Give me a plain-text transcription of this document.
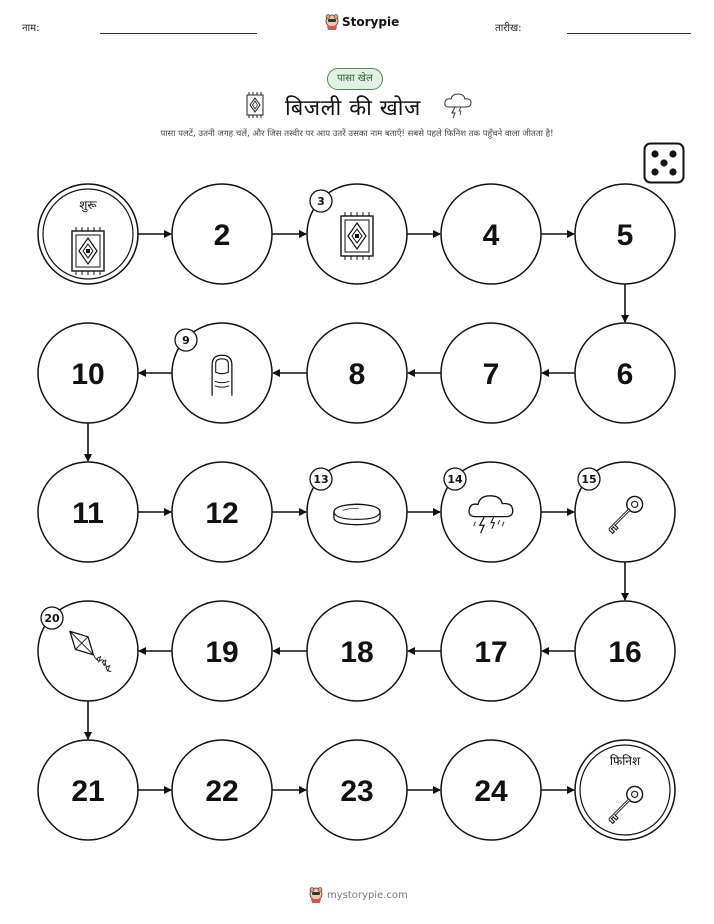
नाम:	Storypie	तारीख:
पासा खेल
बिजली की खोज
पासा पलटें, उतनी जगह चलें, और जिस तस्वीर पर आप उतरें उसका नाम बताएँ! सबसे पहले फिनिश तक पहुँचने वाला जीतता है!
शुरू
2
3
4	5
6
7
8
9
10
11	12
13	14	15
16
17
18
19
20
21	22	23	24
फिनिश
mystorypie.com
